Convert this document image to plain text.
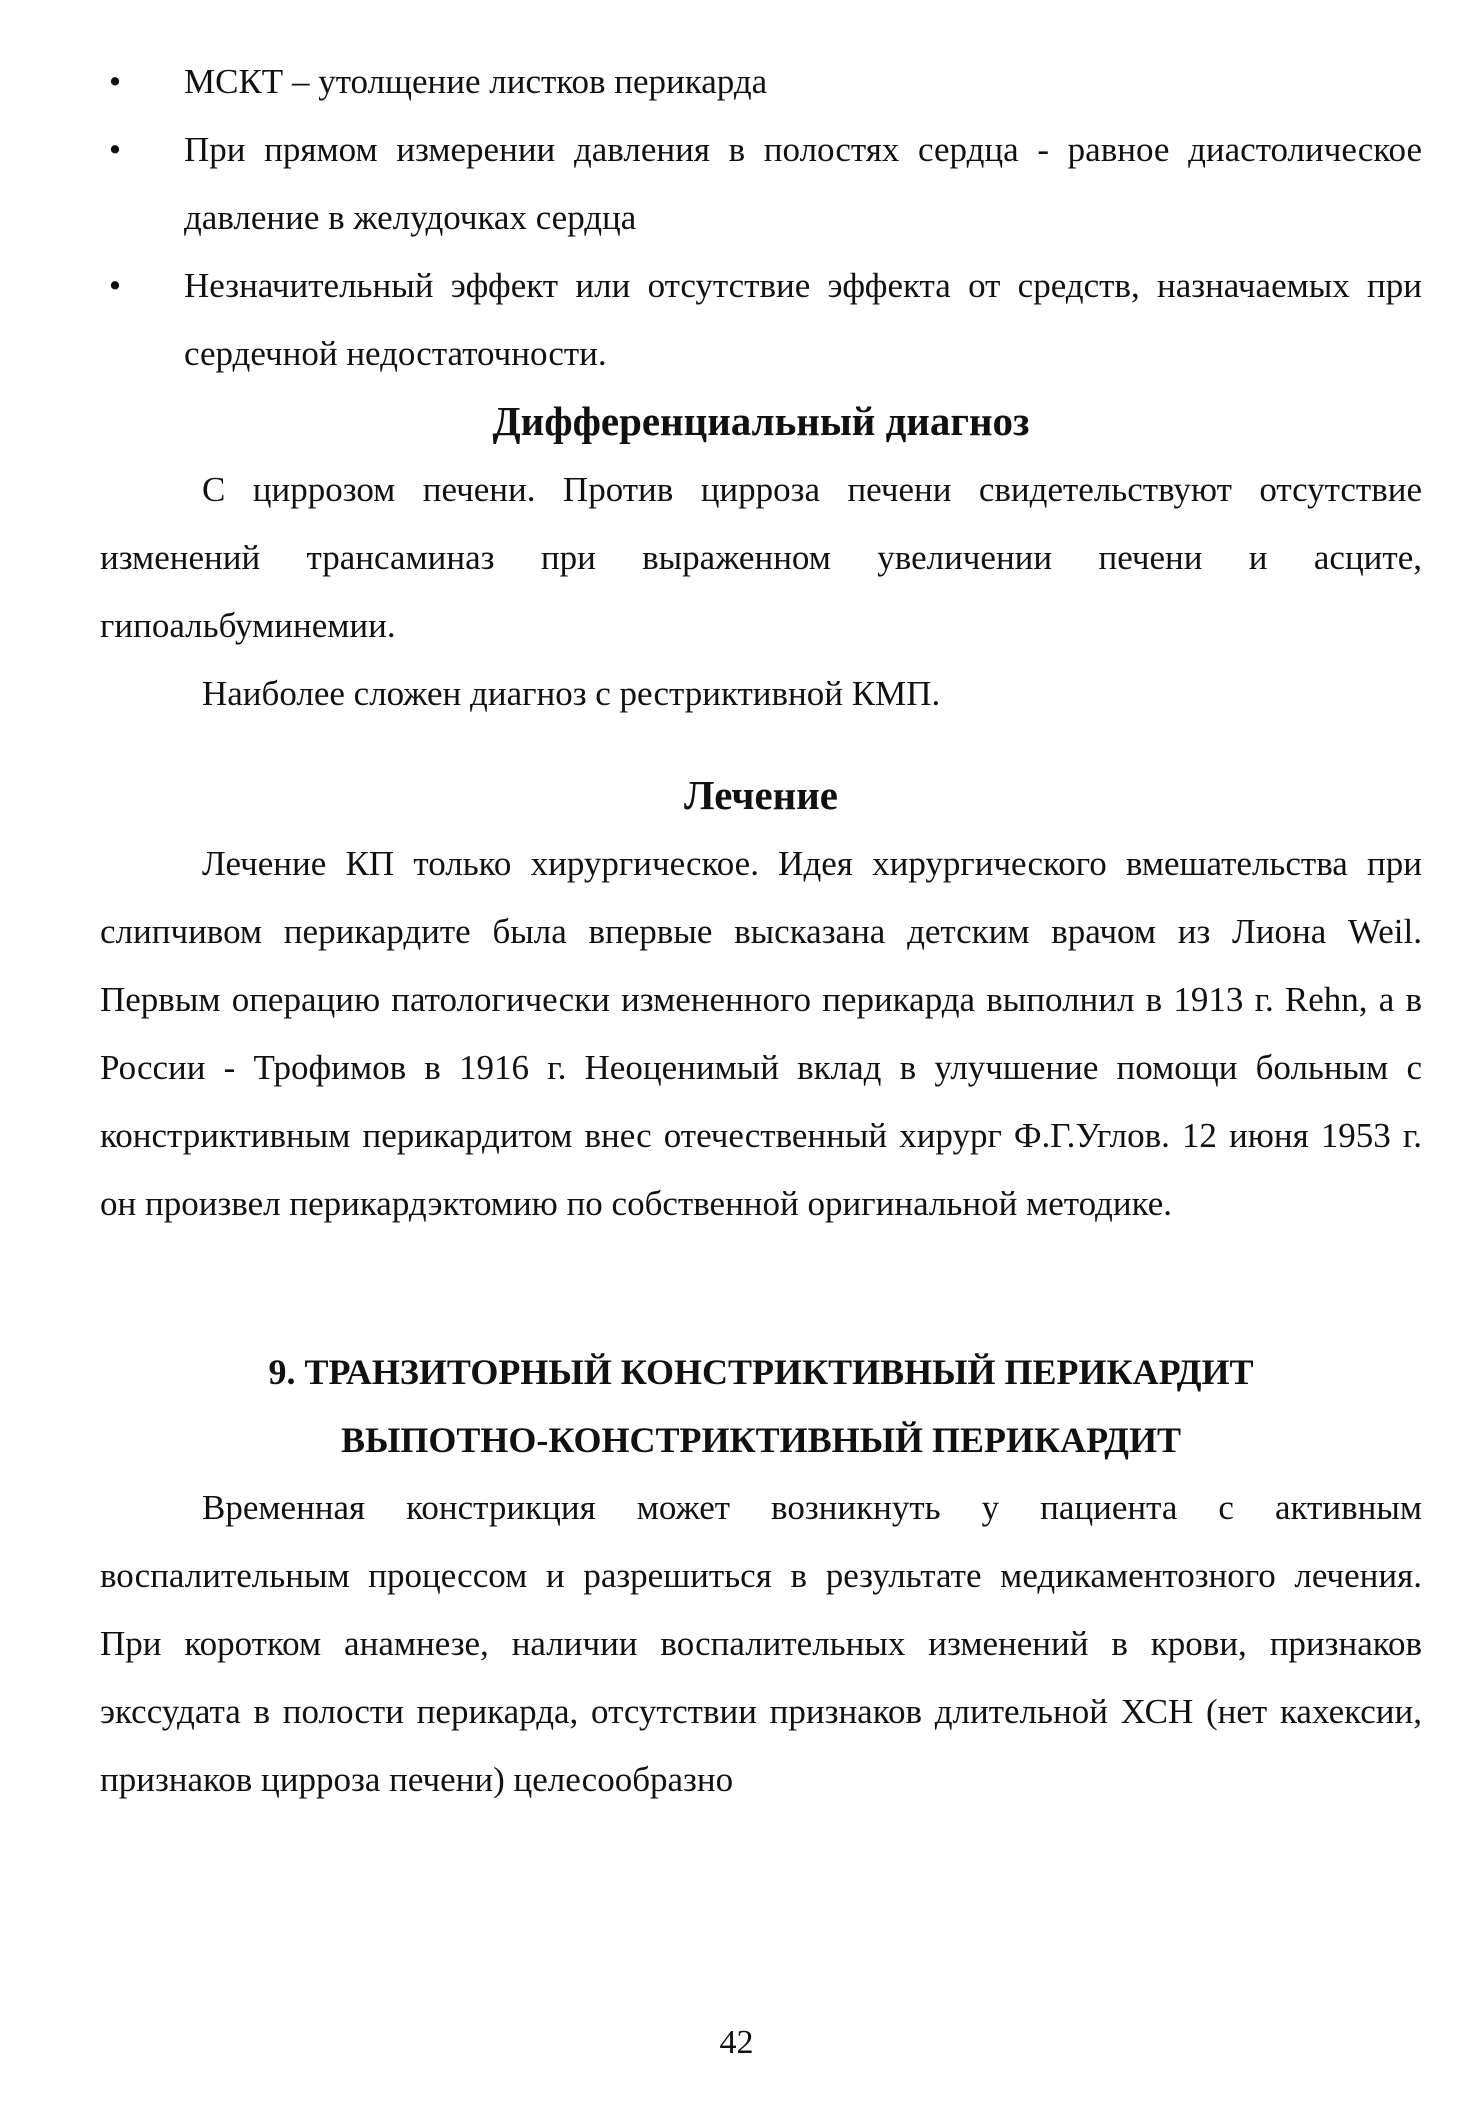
• МСКТ – утолщение листков перикарда
• При прямом измерении давления в полостях сердца - равное диастолическое давление в желудочках сердца
• Незначительный эффект или отсутствие эффекта от средств, назначаемых при сердечной недостаточности.
Дифференциальный диагноз

С циррозом печени. Против цирроза печени свидетельствуют отсутствие изменений трансаминаз при выраженном увеличении печени и асците, гипоальбуминемии.

Наиболее сложен диагноз с рестриктивной КМП.

Лечение

Лечение КП только хирургическое. Идея хирургического вмешательства при слипчивом перикардите была впервые высказана детским врачом из Лиона Weil. Первым операцию патологически измененного перикарда выполнил в 1913 г. Rehn, а в России - Трофимов в 1916 г. Неоценимый вклад в улучшение помощи больным с констриктивным перикардитом внес отечественный хирург Ф.Г.Углов. 12 июня 1953 г. он произвел перикардэктомию по собственной оригинальной методике.

9. ТРАНЗИТОРНЫЙ КОНСТРИКТИВНЫЙ ПЕРИКАРДИТ
ВЫПОТНО-КОНСТРИКТИВНЫЙ ПЕРИКАРДИТ

Временная констрикция может возникнуть у пациента с активным воспалительным процессом и разрешиться в результате медикаментозного лечения. При коротком анамнезе, наличии воспалительных изменений в крови, признаков экссудата в полости перикарда, отсутствии признаков длительной ХСН (нет кахексии, признаков цирроза печени) целесообразно

42
